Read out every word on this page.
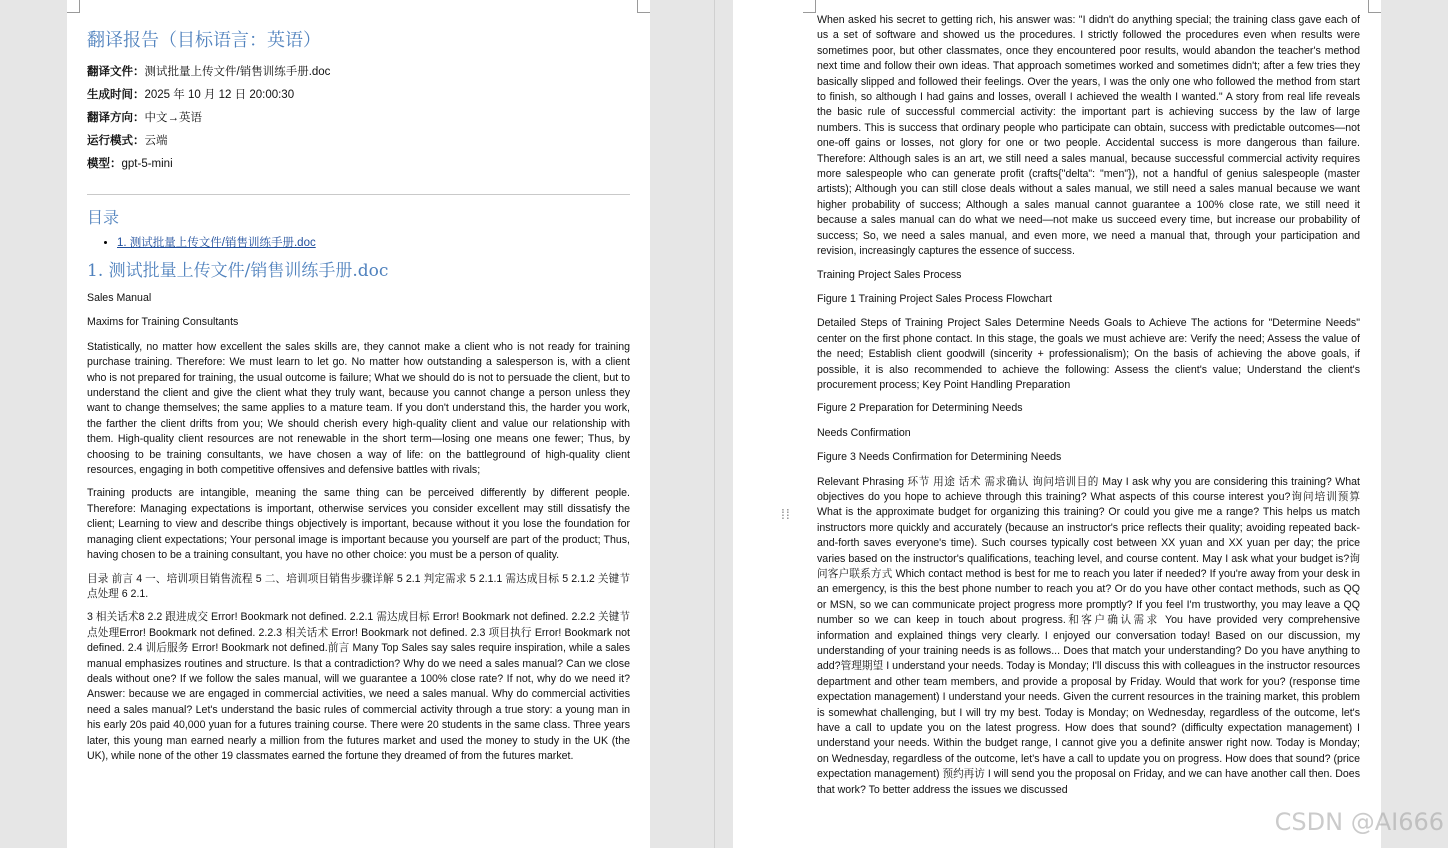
翻译报告（目标语言：英语）
翻译文件：测试批量上传文件/销售训练手册.doc
生成时间：2025 年 10 月 12 日 20:00:30
翻译方向：中文→英语
运行模式：云端
模型：gpt-5-mini
目录
• 1. 测试批量上传文件/销售训练手册.doc
1. 测试批量上传文件/销售训练手册.doc

Sales Manual

Maxims for Training Consultants

Statistically, no matter how excellent the sales skills are, they cannot make a client who is not ready for training purchase training. Therefore: We must learn to let go. No matter how outstanding a salesperson is, with a client who is not prepared for training, the usual outcome is failure; What we should do is not to persuade the client, but to understand the client and give the client what they truly want, because you cannot change a person unless they want to change themselves; the same applies to a mature team. If you don't understand this, the harder you work, the farther the client drifts from you; We should cherish every high-quality client and value our relationship with them. High-quality client resources are not renewable in the short term—losing one means one fewer; Thus, by choosing to be training consultants, we have chosen a way of life: on the battleground of high-quality client resources, engaging in both competitive offensives and defensive battles with rivals;

Training products are intangible, meaning the same thing can be perceived differently by different people. Therefore: Managing expectations is important, otherwise services you consider excellent may still dissatisfy the client; Learning to view and describe things objectively is important, because without it you lose the foundation for managing client expectations; Your personal image is important because you yourself are part of the product; Thus, having chosen to be a training consultant, you have no other choice: you must be a person of quality.

目录 前言 4 一、培训项目销售流程 5 二、培训项目销售步骤详解 5 2.1 判定需求 5 2.1.1 需达成目标 5 2.1.2 关键节点处理 6 2.1.

3 相关话术8 2.2 跟进成交 Error! Bookmark not defined. 2.2.1 需达成目标 Error! Bookmark not defined. 2.2.2 关键节点处理Error! Bookmark not defined. 2.2.3 相关话术 Error! Bookmark not defined. 2.3 项目执行 Error! Bookmark not defined. 2.4 训后服务 Error! Bookmark not defined.前言 Many Top Sales say sales require inspiration, while a sales manual emphasizes routines and structure. Is that a contradiction? Why do we need a sales manual? Can we close deals without one? If we follow the sales manual, will we guarantee a 100% close rate? If not, why do we need it? Answer: because we are engaged in commercial activities, we need a sales manual. Why do commercial activities need a sales manual? Let's understand the basic rules of commercial activity through a true story: a young man in his early 20s paid 40,000 yuan for a futures training course. There were 20 students in the same class. Three years later, this young man earned nearly a million from the futures market and used the money to study in the UK (the UK), while none of the other 19 classmates earned the fortune they dreamed of from the futures market.

When asked his secret to getting rich, his answer was: "I didn't do anything special; the training class gave each of us a set of software and showed us the procedures. I strictly followed the procedures even when results were sometimes poor, but other classmates, once they encountered poor results, would abandon the teacher's method next time and follow their own ideas. That approach sometimes worked and sometimes didn't; after a few tries they basically slipped and followed their feelings. Over the years, I was the only one who followed the method from start to finish, so although I had gains and losses, overall I achieved the wealth I wanted." A story from real life reveals the basic rule of successful commercial activity: the important part is achieving success by the law of large numbers. This is success that ordinary people who participate can obtain, success with predictable outcomes—not one-off gains or losses, not glory for one or two people. Accidental success is more dangerous than failure. Therefore: Although sales is an art, we still need a sales manual, because successful commercial activity requires more salespeople who can generate profit (crafts{"delta": "men"}), not a handful of genius salespeople (master artists); Although you can still close deals without a sales manual, we still need a sales manual because we want higher probability of success; Although a sales manual cannot guarantee a 100% close rate, we still need it because a sales manual can do what we need—not make us succeed every time, but increase our probability of success; So, we need a sales manual, and even more, we need a manual that, through your participation and revision, increasingly captures the essence of success.

Training Project Sales Process

Figure 1 Training Project Sales Process Flowchart

Detailed Steps of Training Project Sales Determine Needs Goals to Achieve The actions for "Determine Needs" center on the first phone contact. In this stage, the goals we must achieve are: Verify the need; Assess the value of the need; Establish client goodwill (sincerity + professionalism); On the basis of achieving the above goals, if possible, it is also recommended to achieve the following: Assess the client's value; Understand the client's procurement process; Key Point Handling Preparation

Figure 2 Preparation for Determining Needs

Needs Confirmation

Figure 3 Needs Confirmation for Determining Needs

Relevant Phrasing 环节 用途 话术 需求确认 询问培训目的 May I ask why you are considering this training? What objectives do you hope to achieve through this training? What aspects of this course interest you?询问培训预算 What is the approximate budget for organizing this training? Or could you give me a range? This helps us match instructors more quickly and accurately (because an instructor's price reflects their quality; avoiding repeated back-and-forth saves everyone's time). Such courses typically cost between XX yuan and XX yuan per day; the price varies based on the instructor's qualifications, teaching level, and course content. May I ask what your budget is?询问客户联系方式 Which contact method is best for me to reach you later if needed? If you're away from your desk in an emergency, is this the best phone number to reach you at? Or do you have other contact methods, such as QQ or MSN, so we can communicate project progress more promptly? If you feel I'm trustworthy, you may leave a QQ number so we can keep in touch about progress.和客户确认需求 You have provided very comprehensive information and explained things very clearly. I enjoyed our conversation today! Based on our discussion, my understanding of your training needs is as follows... Does that match your understanding? Do you have anything to add?管理期望 I understand your needs. Today is Monday; I'll discuss this with colleagues in the instructor resources department and other team members, and provide a proposal by Friday. Would that work for you? (response time expectation management) I understand your needs. Given the current resources in the training market, this problem is somewhat challenging, but I will try my best. Today is Monday; on Wednesday, regardless of the outcome, let's have a call to update you on the latest progress. How does that sound? (difficulty expectation management) I understand your needs. Within the budget range, I cannot give you a definite answer right now. Today is Monday; on Wednesday, regardless of the outcome, let's have a call to update you on progress. How does that sound? (price expectation management) 预约再访 I will send you the proposal on Friday, and we can have another call then. Does that work? To better address the issues we discussed

⁞⁞
CSDN @AI666
